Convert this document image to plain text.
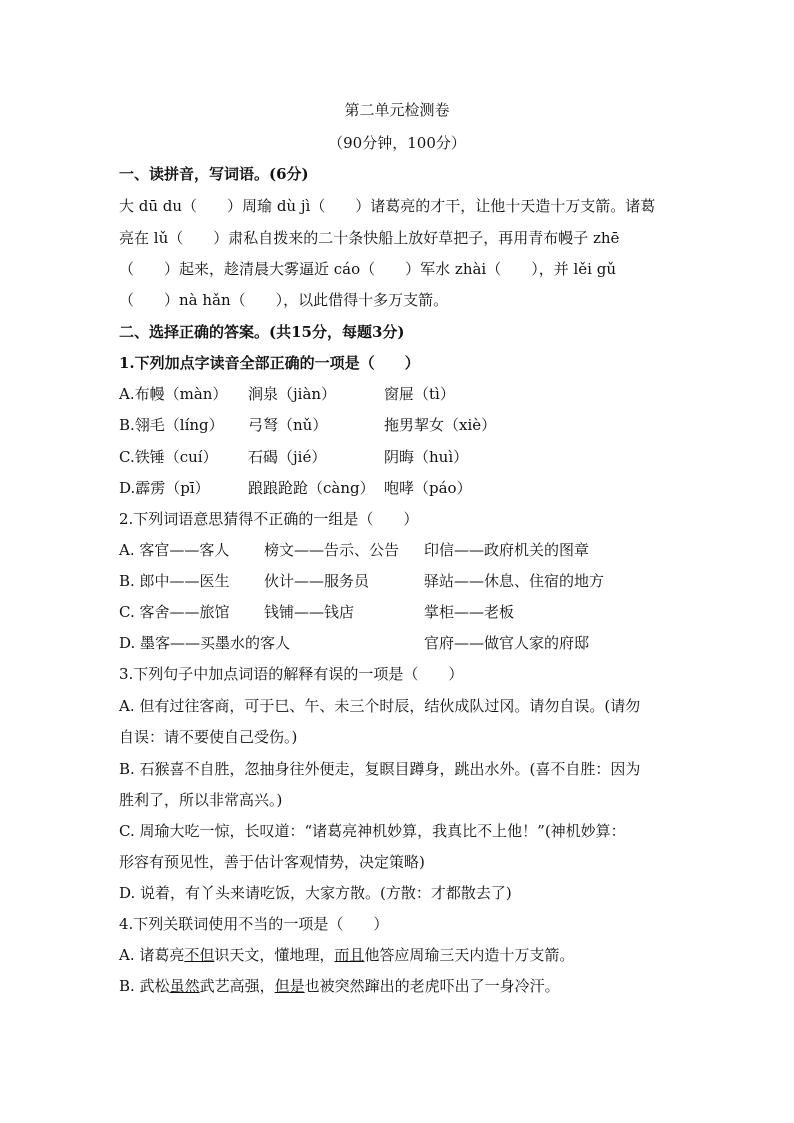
第二单元检测卷
（90分钟，100分）
一、读拼音，写词语。(6分)
大 dū du（　　）周瑜 dù jì（　　）诸葛亮的才干，让他十天造十万支箭。诸葛
亮在 lǔ（　　）肃私自拨来的二十条快船上放好草把子，再用青布幔子 zhē
（　　）起来，趁清晨大雾逼近 cáo（　　）军水 zhài（　　），并 lěi gǔ
（　　）nà hǎn（　　），以此借得十多万支箭。
二、选择正确的答案。(共15分，每题3分)
1.下列加点字读音全部正确的一项是（　　）
A.布幔（màn） 涧泉（jiàn）	窗屉（tì）
B.翎毛（líng） 弓弩（nǔ）	拖男挈女（xiè）
C.铁锤（cuí） 石碣（jié）	阴晦（huì）
D.霹雳（pī）	踉踉跄跄（càng） 咆哮（páo）
2.下列词语意思猜得不正确的一组是（　　）
A. 客官——客人 榜文——告示、公告 印信——政府机关的图章
B. 郎中——医生 伙计——服务员	驿站——休息、住宿的地方
C. 客舍——旅馆 钱铺——钱店	掌柜——老板
D. 墨客——买墨水的客人	官府——做官人家的府邸
3.下列句子中加点词语的解释有误的一项是（　　）
A. 但有过往客商，可于巳、午、未三个时辰，结伙成队过冈。请勿自误。(请勿
自误：请不要使自己受伤。)
B. 石猴喜不自胜，忽抽身往外便走，复瞑目蹲身，跳出水外。(喜不自胜：因为
胜利了，所以非常高兴。)
C. 周瑜大吃一惊，长叹道：“诸葛亮神机妙算，我真比不上他！”(神机妙算：
形容有预见性，善于估计客观情势，决定策略)
D. 说着，有丫头来请吃饭，大家方散。(方散：才都散去了)
4.下列关联词使用不当的一项是（　　）
A. 诸葛亮不但识天文，懂地理，而且他答应周瑜三天内造十万支箭。
B. 武松虽然武艺高强，但是也被突然蹿出的老虎吓出了一身冷汗。
